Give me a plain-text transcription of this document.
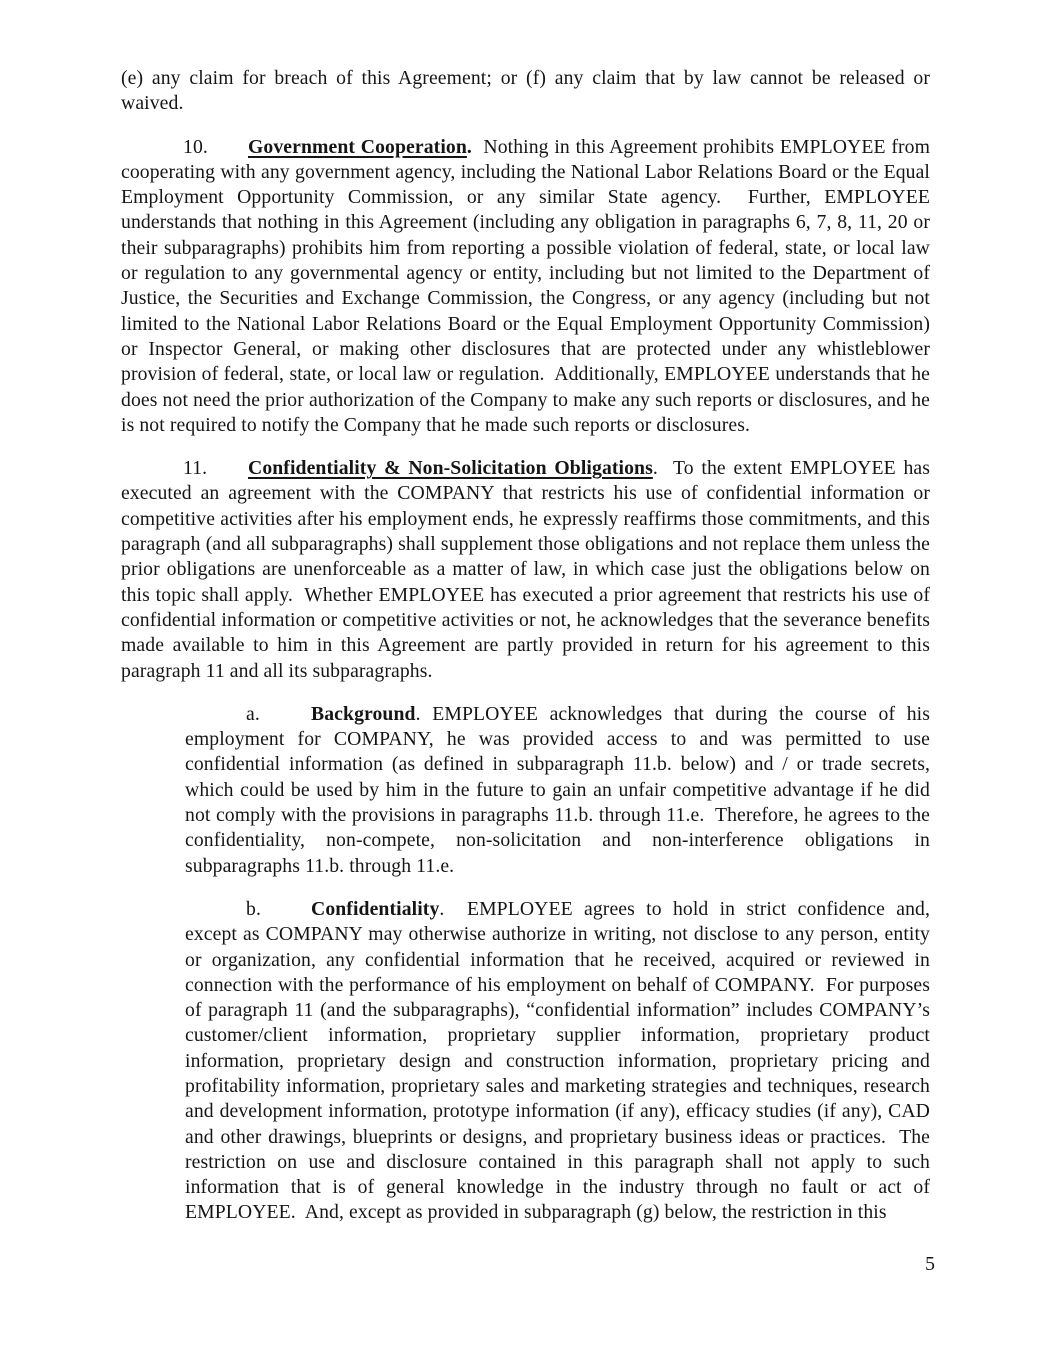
(e) any claim for breach of this Agreement; or (f) any claim that by law cannot be released or waived.

10. Government Cooperation.  Nothing in this Agreement prohibits EMPLOYEE from cooperating with any government agency, including the National Labor Relations Board or the Equal Employment Opportunity Commission, or any similar State agency.  Further, EMPLOYEE understands that nothing in this Agreement (including any obligation in paragraphs 6, 7, 8, 11, 20 or their subparagraphs) prohibits him from reporting a possible violation of federal, state, or local law or regulation to any governmental agency or entity, including but not limited to the Department of Justice, the Securities and Exchange Commission, the Congress, or any agency (including but not limited to the National Labor Relations Board or the Equal Employment Opportunity Commission) or Inspector General, or making other disclosures that are protected under any whistleblower provision of federal, state, or local law or regulation.  Additionally, EMPLOYEE understands that he does not need the prior authorization of the Company to make any such reports or disclosures, and he is not required to notify the Company that he made such reports or disclosures.

11. Confidentiality & Non-Solicitation Obligations.  To the extent EMPLOYEE has executed an agreement with the COMPANY that restricts his use of confidential information or competitive activities after his employment ends, he expressly reaffirms those commitments, and this paragraph (and all subparagraphs) shall supplement those obligations and not replace them unless the prior obligations are unenforceable as a matter of law, in which case just the obligations below on this topic shall apply.  Whether EMPLOYEE has executed a prior agreement that restricts his use of confidential information or competitive activities or not, he acknowledges that the severance benefits made available to him in this Agreement are partly provided in return for his agreement to this paragraph 11 and all its subparagraphs.

a.	Background. EMPLOYEE acknowledges that during the course of his employment for COMPANY, he was provided access to and was permitted to use confidential information (as defined in subparagraph 11.b. below) and / or trade secrets, which could be used by him in the future to gain an unfair competitive advantage if he did not comply with the provisions in paragraphs 11.b. through 11.e.  Therefore, he agrees to the confidentiality, non-compete, non-solicitation and non-interference obligations in subparagraphs 11.b. through 11.e.

b.	Confidentiality.  EMPLOYEE agrees to hold in strict confidence and, except as COMPANY may otherwise authorize in writing, not disclose to any person, entity or organization, any confidential information that he received, acquired or reviewed in connection with the performance of his employment on behalf of COMPANY.  For purposes of paragraph 11 (and the subparagraphs), “confidential information” includes COMPANY’s customer/client information, proprietary supplier information, proprietary product information, proprietary design and construction information, proprietary pricing and profitability information, proprietary sales and marketing strategies and techniques, research and development information, prototype information (if any), efficacy studies (if any), CAD and other drawings, blueprints or designs, and proprietary business ideas or practices.  The restriction on use and disclosure contained in this paragraph shall not apply to such information that is of general knowledge in the industry through no fault or act of EMPLOYEE.  And, except as provided in subparagraph (g) below, the restriction in this

5
